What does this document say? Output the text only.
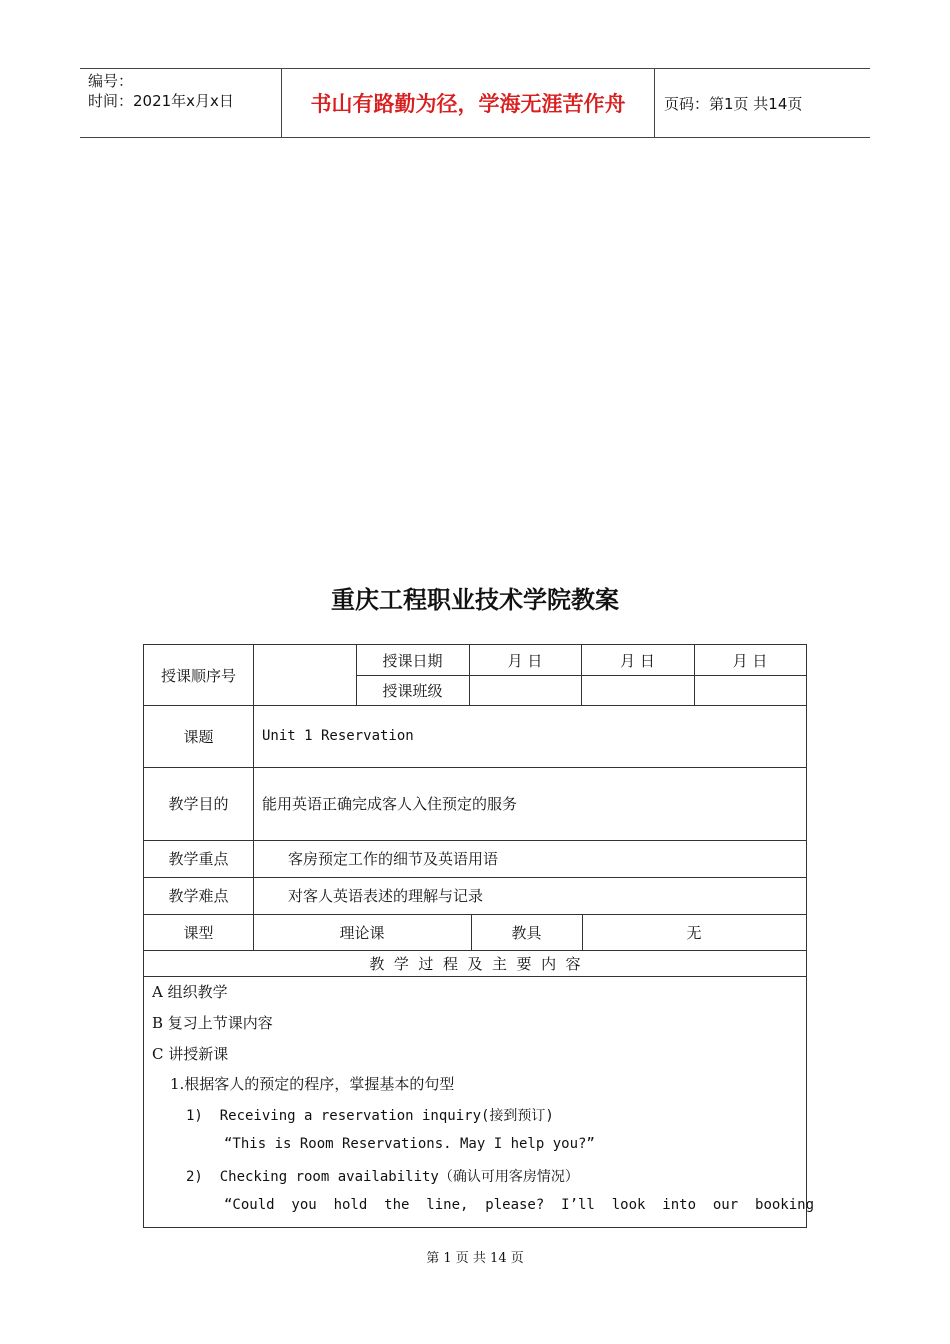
编号：
时间：2021年x月x日	书山有路勤为径，学海无涯苦作舟	页码：第1页 共14页
重庆工程职业技术学院教案
授课顺序号
授课日期	月 日	月 日	月 日
授课班级
课题	Unit 1 Reservation
教学目的	能用英语正确完成客人入住预定的服务
教学重点	客房预定工作的细节及英语用语
教学难点	对客人英语表述的理解与记录
课型	理论课	教具	无
教  学  过  程  及  主  要  内  容
A 组织教学
B 复习上节课内容
C 讲授新课
1.根据客人的预定的程序，掌握基本的句型
1)  Receiving a reservation inquiry(接到预订)
“This is Room Reservations. May I help you?”
2)  Checking room availability（确认可用客房情况）
“Could  you  hold  the  line,  please?  I’ll  look  into  our  booking
第 1 页 共 14 页
